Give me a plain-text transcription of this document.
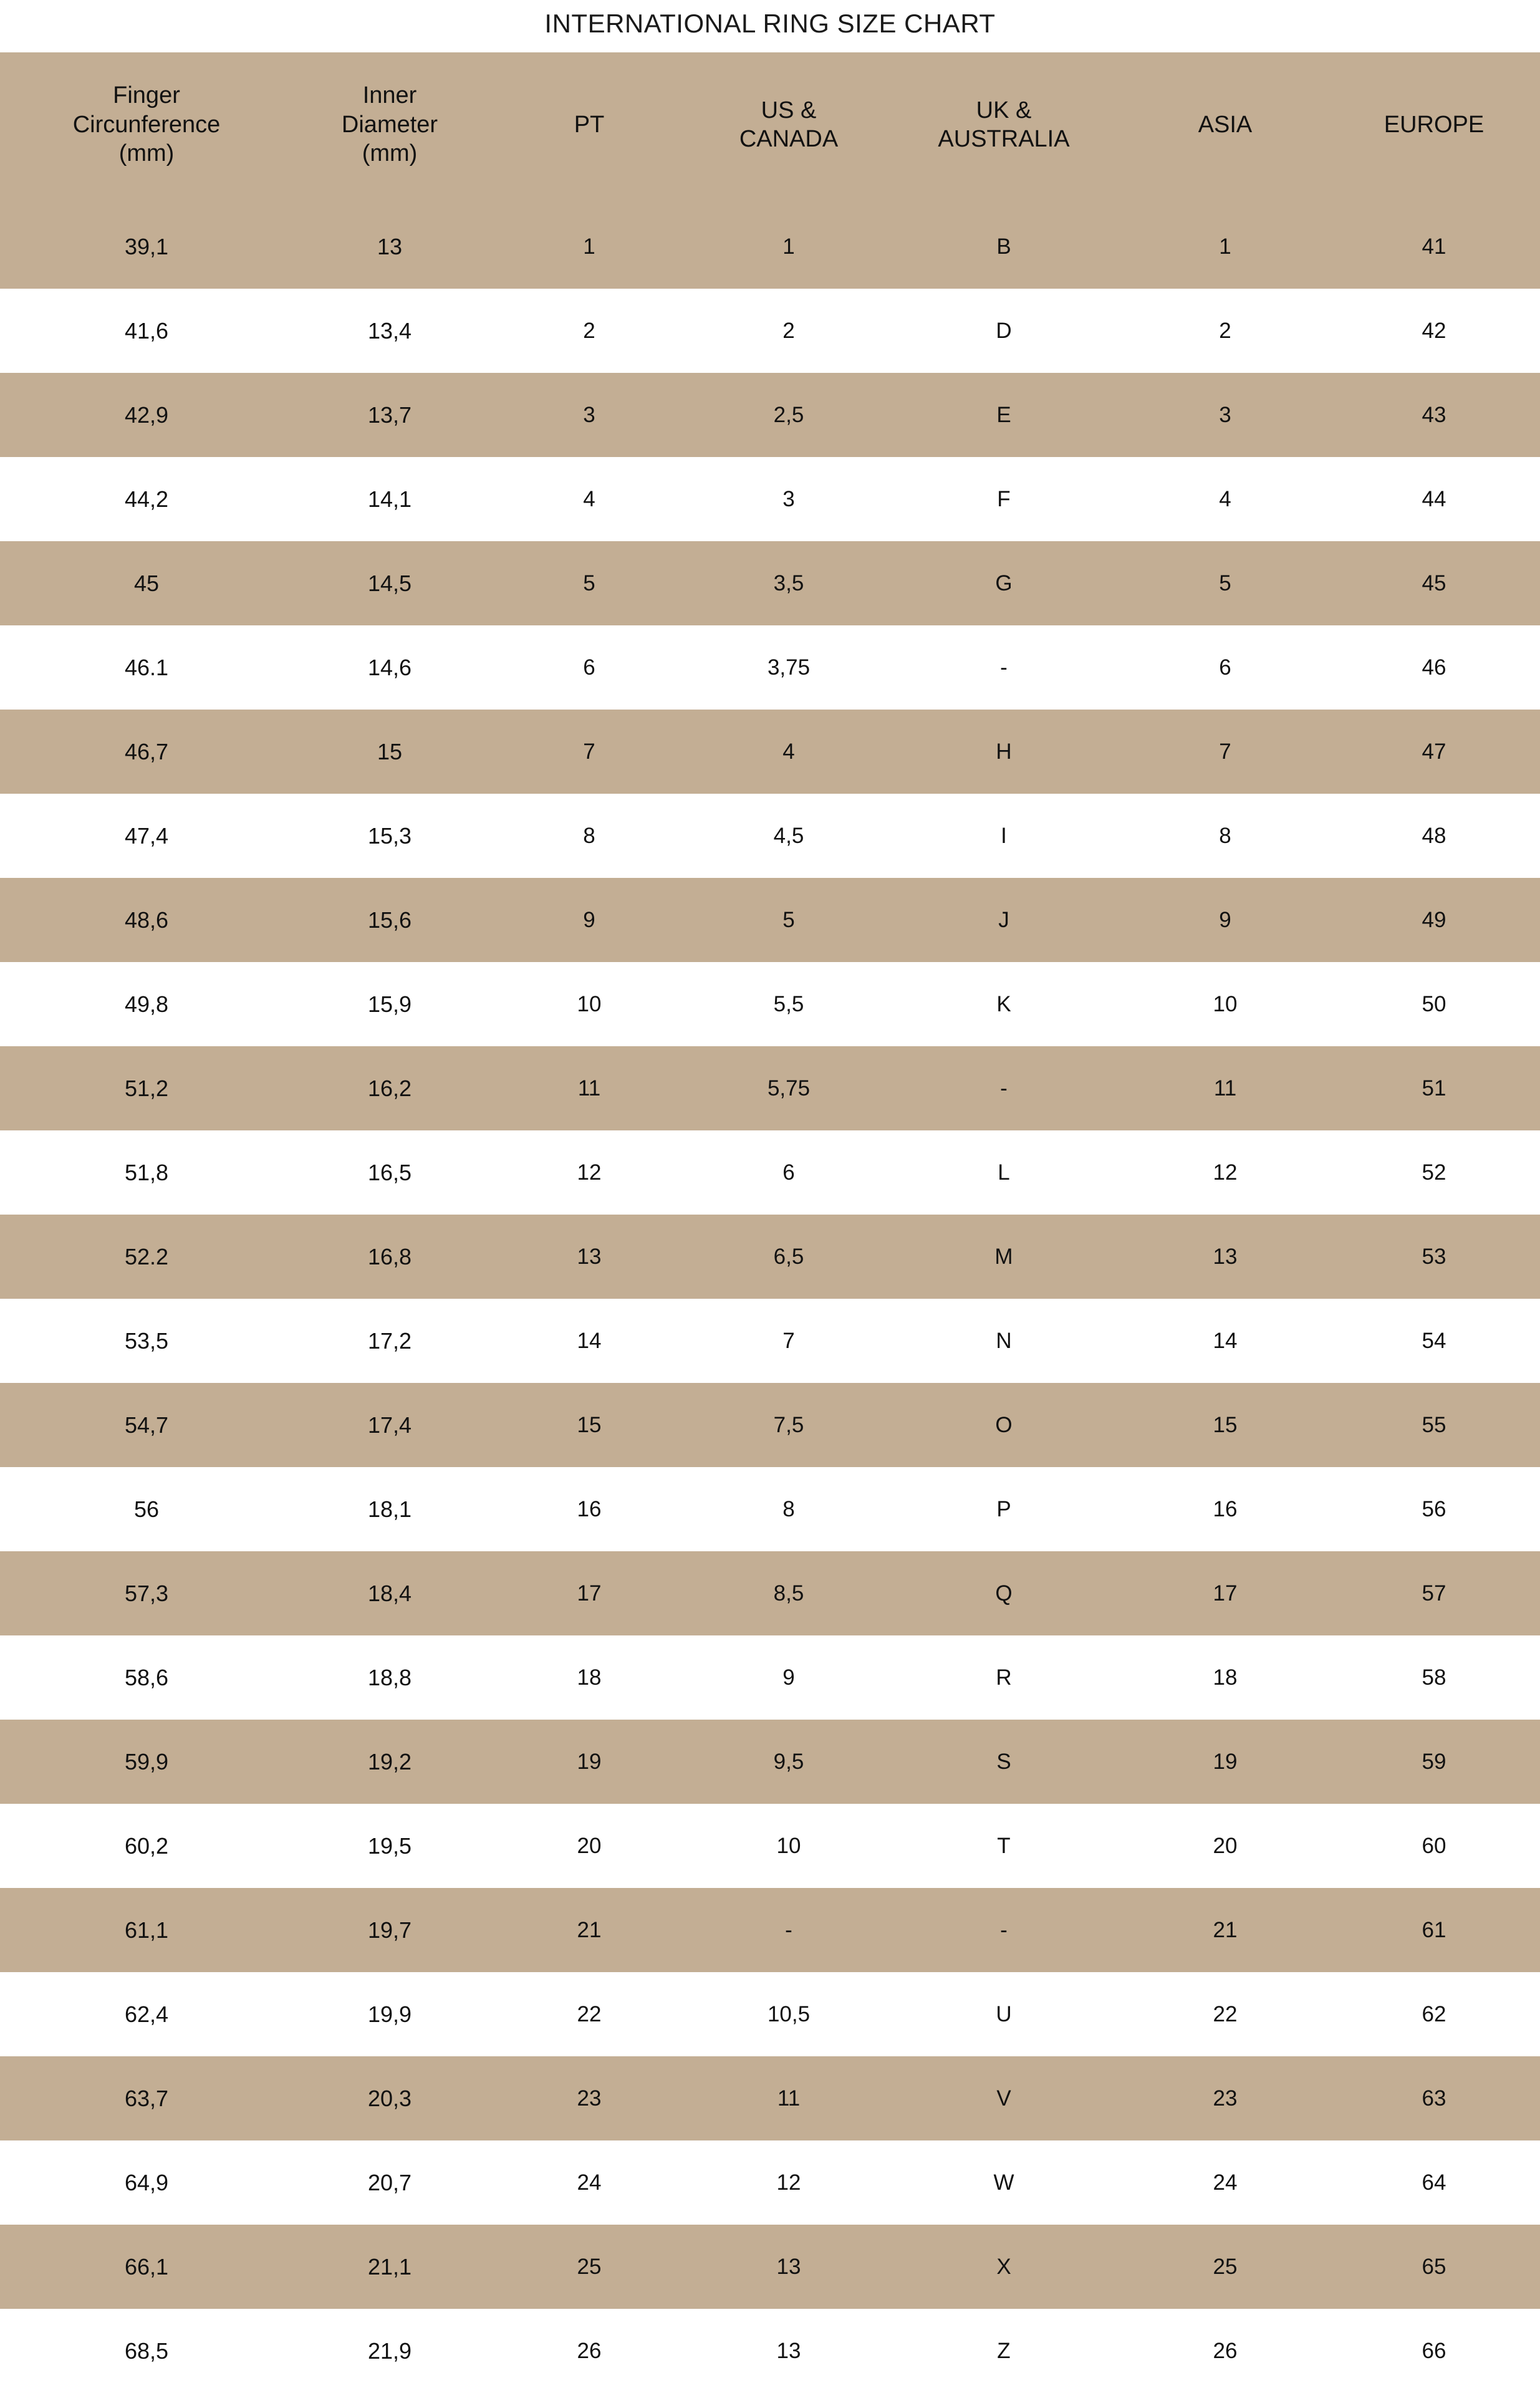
INTERNATIONAL RING SIZE CHART
Finger
Circunference
(mm)	Inner
Diameter
(mm)	PT	US &
CANADA	UK &
AUSTRALIA	ASIA	EUROPE
39,1	13	1	1	B	1	41
41,6	13,4	2	2	D	2	42
42,9	13,7	3	2,5	E	3	43
44,2	14,1	4	3	F	4	44
45	14,5	5	3,5	G	5	45
46.1	14,6	6	3,75	-	6	46
46,7	15	7	4	H	7	47
47,4	15,3	8	4,5	I	8	48
48,6	15,6	9	5	J	9	49
49,8	15,9	10	5,5	K	10	50
51,2	16,2	11	5,75	-	11	51
51,8	16,5	12	6	L	12	52
52.2	16,8	13	6,5	M	13	53
53,5	17,2	14	7	N	14	54
54,7	17,4	15	7,5	O	15	55
56	18,1	16	8	P	16	56
57,3	18,4	17	8,5	Q	17	57
58,6	18,8	18	9	R	18	58
59,9	19,2	19	9,5	S	19	59
60,2	19,5	20	10	T	20	60
61,1	19,7	21	-	-	21	61
62,4	19,9	22	10,5	U	22	62
63,7	20,3	23	11	V	23	63
64,9	20,7	24	12	W	24	64
66,1	21,1	25	13	X	25	65
68,5	21,9	26	13	Z	26	66
